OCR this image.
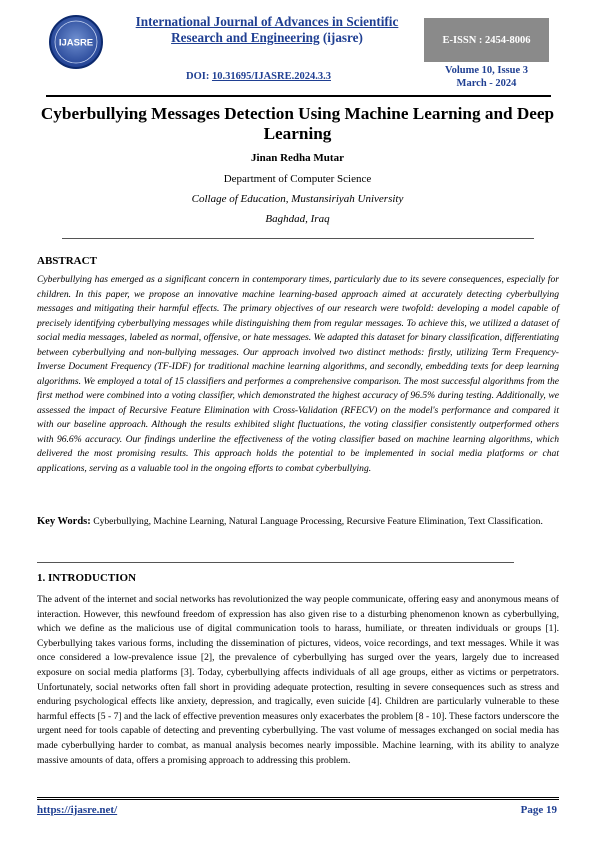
IJASRE
International Journal of Advances in Scientific
Research and Engineering (ijasre)	E-ISSN : 2454-8006
DOI: 10.31695/IJASRE.2024.3.3
Volume 10, Issue 3
March - 2024
Cyberbullying Messages Detection Using Machine Learning and Deep Learning
Jinan Redha Mutar
Department of Computer Science
Collage of Education, Mustansiriyah University
Baghdad, Iraq
ABSTRACT
Cyberbullying has emerged as a significant concern in contemporary times, particularly due to its severe consequences, especially for children. In this paper, we propose an innovative machine learning-based approach aimed at accurately detecting cyberbullying messages and mitigating their harmful effects. The primary objectives of our research were twofold: developing a model capable of precisely identifying cyberbullying messages while distinguishing them from regular messages. To achieve this, we utilized a dataset of social media messages, labeled as normal, offensive, or hate messages. We adapted this dataset for binary classification, differentiating between cyberbullying and non-bullying messages. Our approach involved two distinct methods: firstly, utilizing Term Frequency-Inverse Document Frequency (TF-IDF) for traditional machine learning algorithms, and secondly, embedding texts for deep learning algorithms. We employed a total of 15 classifiers and performes a comprehensive comparison. The most successful algorithms from the first method were combined into a voting classifier, which demonstrated the highest accuracy of 96.5% during testing. Additionally, we assessed the impact of Recursive Feature Elimination with Cross-Validation (RFECV) on the model's performance and compared it with our baseline approach. Although the results exhibited slight fluctuations, the voting classifier consistently outperformed others with 96.6% accuracy. Our findings underline the effectiveness of the voting classifier based on machine learning algorithms, which delivered the most promising results. This approach holds the potential to be implemented in social media platforms or chat applications, serving as a valuable tool in the ongoing efforts to combat cyberbullying.
Key Words: Cyberbullying, Machine Learning, Natural Language Processing, Recursive Feature Elimination, Text Classification.
1. INTRODUCTION
The advent of the internet and social networks has revolutionized the way people communicate, offering easy and anonymous means of interaction. However, this newfound freedom of expression has also given rise to a disturbing phenomenon known as cyberbullying, which we define as the malicious use of digital communication tools to harass, humiliate, or threaten individuals or groups [1]. Cyberbullying takes various forms, including the dissemination of pictures, videos, voice recordings, and text messages. While it was once considered a low-prevalence issue [2], the prevalence of cyberbullying has surged over the years, largely due to increased exposure on social media platforms [3]. Today, cyberbullying affects individuals of all age groups, either as victims or perpetrators. Unfortunately, social networks often fall short in providing adequate protection, resulting in severe consequences such as stress and enduring psychological effects like anxiety, depression, and tragically, even suicide [4]. Children are particularly vulnerable to these harmful effects [5 - 7] and the lack of effective prevention measures only exacerbates the problem [8 - 10]. These factors underscore the urgent need for tools capable of detecting and preventing cyberbullying. The vast volume of messages exchanged on social media has made cyberbullying harder to combat, as manual analysis becomes nearly impossible. Machine learning, with its ability to analyze massive amounts of data, offers a promising approach to addressing this problem.
https://ijasre.net/	Page 19
